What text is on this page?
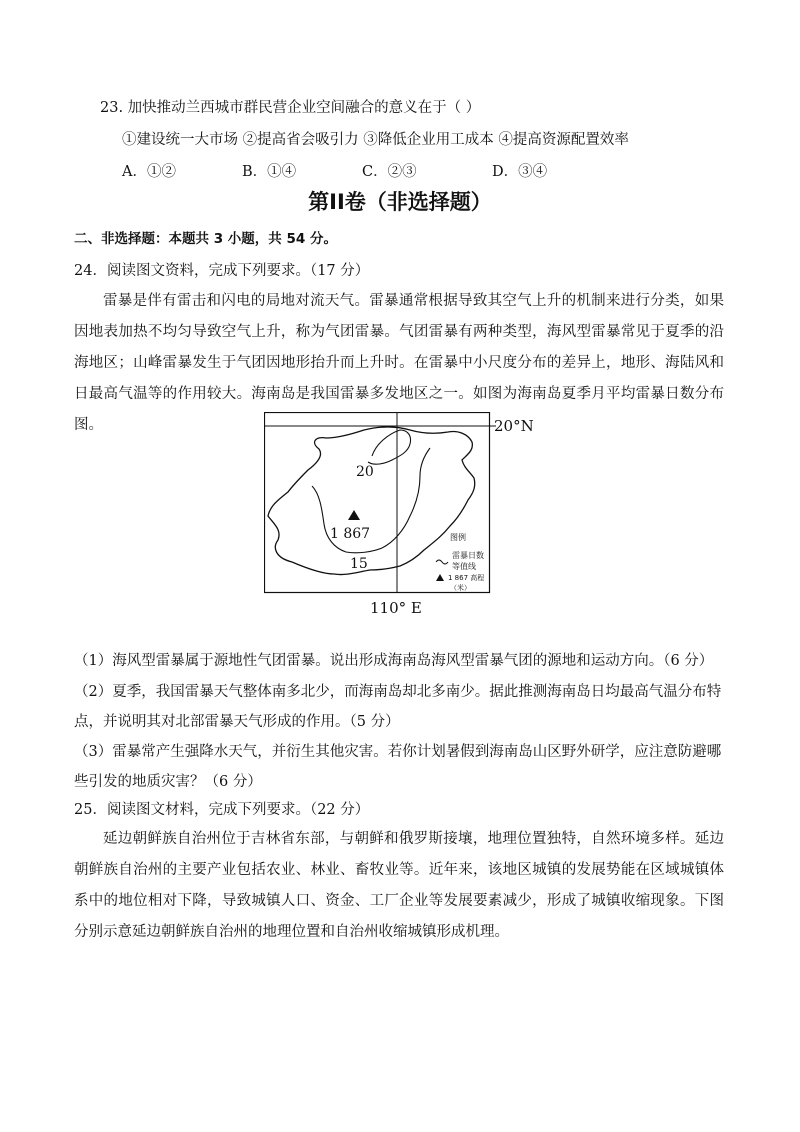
23. 加快推动兰西城市群民营企业空间融合的意义在于（ ）
①建设统一大市场 ②提高省会吸引力 ③降低企业用工成本 ④提高资源配置效率
A．①②	B．①④	C．②③	D．③④
第II卷（非选择题）
二、非选择题：本题共 3 小题，共 54 分。
24．阅读图文资料，完成下列要求。（17 分）
雷暴是伴有雷击和闪电的局地对流天气。雷暴通常根据导致其空气上升的机制来进行分类，如果因地表加热不均匀导致空气上升，称为气团雷暴。气团雷暴有两种类型，海风型雷暴常见于夏季的沿海地区；山峰雷暴发生于气团因地形抬升而上升时。在雷暴中小尺度分布的差异上，地形、海陆风和日最高气温等的作用较大。海南岛是我国雷暴多发地区之一。如图为海南岛夏季月平均雷暴日数分布图。
20
15
1 867
20°N
110° E
图例
雷暴日数
等值线
1 867 高程
（米）
（1）海风型雷暴属于源地性气团雷暴。说出形成海南岛海风型雷暴气团的源地和运动方向。（6 分）
（2）夏季，我国雷暴天气整体南多北少，而海南岛却北多南少。据此推测海南岛日均最高气温分布特点，并说明其对北部雷暴天气形成的作用。（5 分）
（3）雷暴常产生强降水天气，并衍生其他灾害。若你计划暑假到海南岛山区野外研学，应注意防避哪些引发的地质灾害？（6 分）
25．阅读图文材料，完成下列要求。（22 分）
延边朝鲜族自治州位于吉林省东部，与朝鲜和俄罗斯接壤，地理位置独特，自然环境多样。延边朝鲜族自治州的主要产业包括农业、林业、畜牧业等。近年来，该地区城镇的发展势能在区域城镇体系中的地位相对下降，导致城镇人口、资金、工厂企业等发展要素减少，形成了城镇收缩现象。下图分别示意延边朝鲜族自治州的地理位置和自治州收缩城镇形成机理。
